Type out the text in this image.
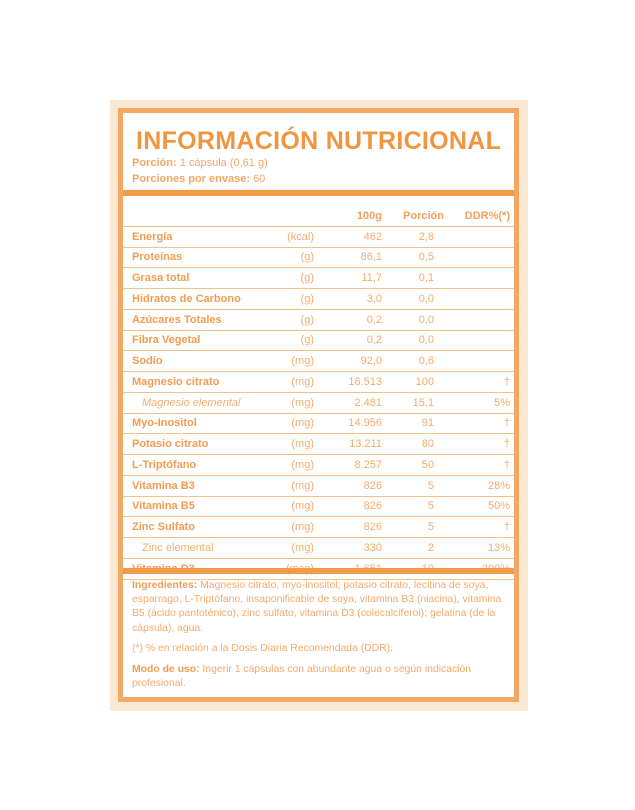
INFORMACIÓN NUTRICIONAL
Porción: 1 cápsula (0,61 g)
Porciones por envase: 60
		100g	Porción	DDR%(*)
Energía	(kcal)	462	2,8	
Proteínas	(g)	86,1	0,5	
Grasa total	(g)	11,7	0,1	
Hidratos de Carbono	(g)	3,0	0,0	
Azúcares Totales	(g)	0,2	0,0	
Fibra Vegetal	(g)	0,2	0,0	
Sodio	(mg)	92,0	0,6	
Magnesio citrato	(mg)	16.513	100	†
Magnesio elemental	(mg)	2.481	15,1	5%
Myo-Inositol	(mg)	14.956	91	†
Potasio citrato	(mg)	13.211	80	†
L-Triptófano	(mg)	8.257	50	†
Vitamina B3	(mg)	826	5	28%
Vitamina B5	(mg)	826	5	50%
Zinc Sulfato	(mg)	826	5	†
Zinc elemental	(mg)	330	2	13%

Ingredientes: Magnesio citrato, myo-inositol, potasio citrato, lecitina de soya, esparrago, L-Triptófano, insaponificable de soya, vitamina B3 (niacina), vitamina B5 (ácido pantoténico), zinc sulfato, vitamina D3 (colecalciferol); gelatina (de la cápsula), agua.
(*) % en relación a la Dosis Diaria Recomendada (DDR).
Modo de uso: Ingerir 1 cápsulas con abundante agua o según indicación profesional.
